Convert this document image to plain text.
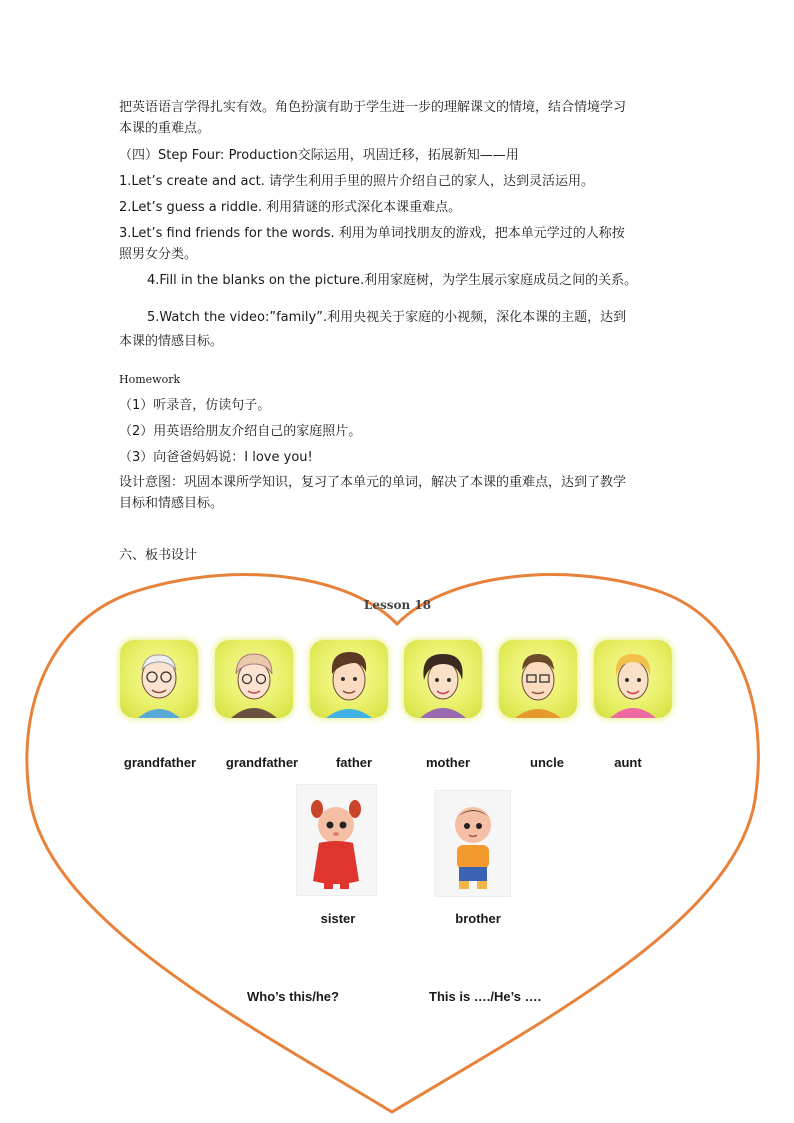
把英语语言学得扎实有效。角色扮演有助于学生进一步的理解课文的情境，结合情境学习
本课的重难点。
（四）Step Four: Production交际运用，巩固迁移，拓展新知——用
1.Let’s create and act. 请学生利用手里的照片介绍自己的家人，达到灵活运用。
2.Let’s guess a riddle. 利用猜谜的形式深化本课重难点。
3.Let’s find friends for the words. 利用为单词找朋友的游戏，把本单元学过的人称按
照男女分类。
4.Fill in the blanks on the picture.利用家庭树，为学生展示家庭成员之间的关系。
5.Watch the video:”family”.利用央视关于家庭的小视频，深化本课的主题，达到
本课的情感目标。
Homework
（1）听录音，仿读句子。
（2）用英语给朋友介绍自己的家庭照片。
（3）向爸爸妈妈说：I love you!
设计意图：巩固本课所学知识，复习了本单元的单词，解决了本课的重难点，达到了教学
目标和情感目标。
六、板书设计
Lesson 18
grandfather	grandfather	father	mother	uncle	aunt
sister	brother
Who’s this/he?	This is …./He’s ….
